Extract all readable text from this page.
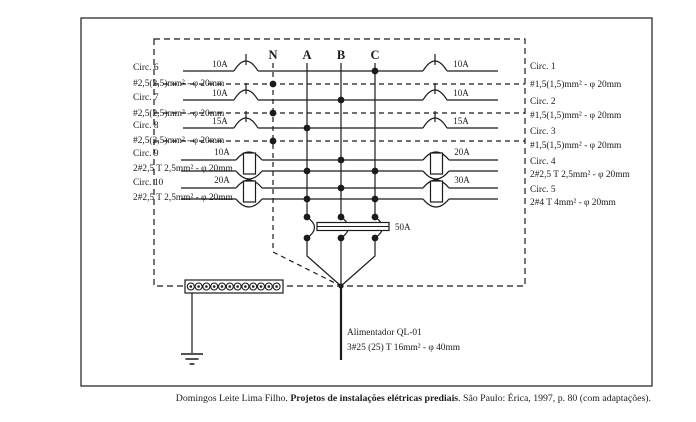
N A B C
10A	10A
10A	10A
15A	15A
10A	20A
20A	30A
50A
Alimentador QL-01
3#25 (25) T 16mm² - φ 40mm
Circ. 6
#2,5(2,5)mm² - φ 20mm
Circ. 7
#2,5(2,5)mm² - φ 20mm
Circ. 8
#2,5(2,5)mm² - φ 20mm
Circ. 9
2#2,5 T 2,5mm² - φ 20mm
Circ. 10
2#2,5 T 2,5mm² - φ 20mm
Circ. 1
#1,5(1,5)mm² - φ 20mm
Circ. 2
#1,5(1,5)mm² - φ 20mm
Circ. 3
#1,5(1,5)mm² - φ 20mm
Circ. 4
2#2,5 T 2,5mm² - φ 20mm
Circ. 5
2#4 T 4mm² - φ 20mm
Domingos Leite Lima Filho. Projetos de instalações elétricas prediais. São Paulo: Érica, 1997, p. 80 (com adaptações).
